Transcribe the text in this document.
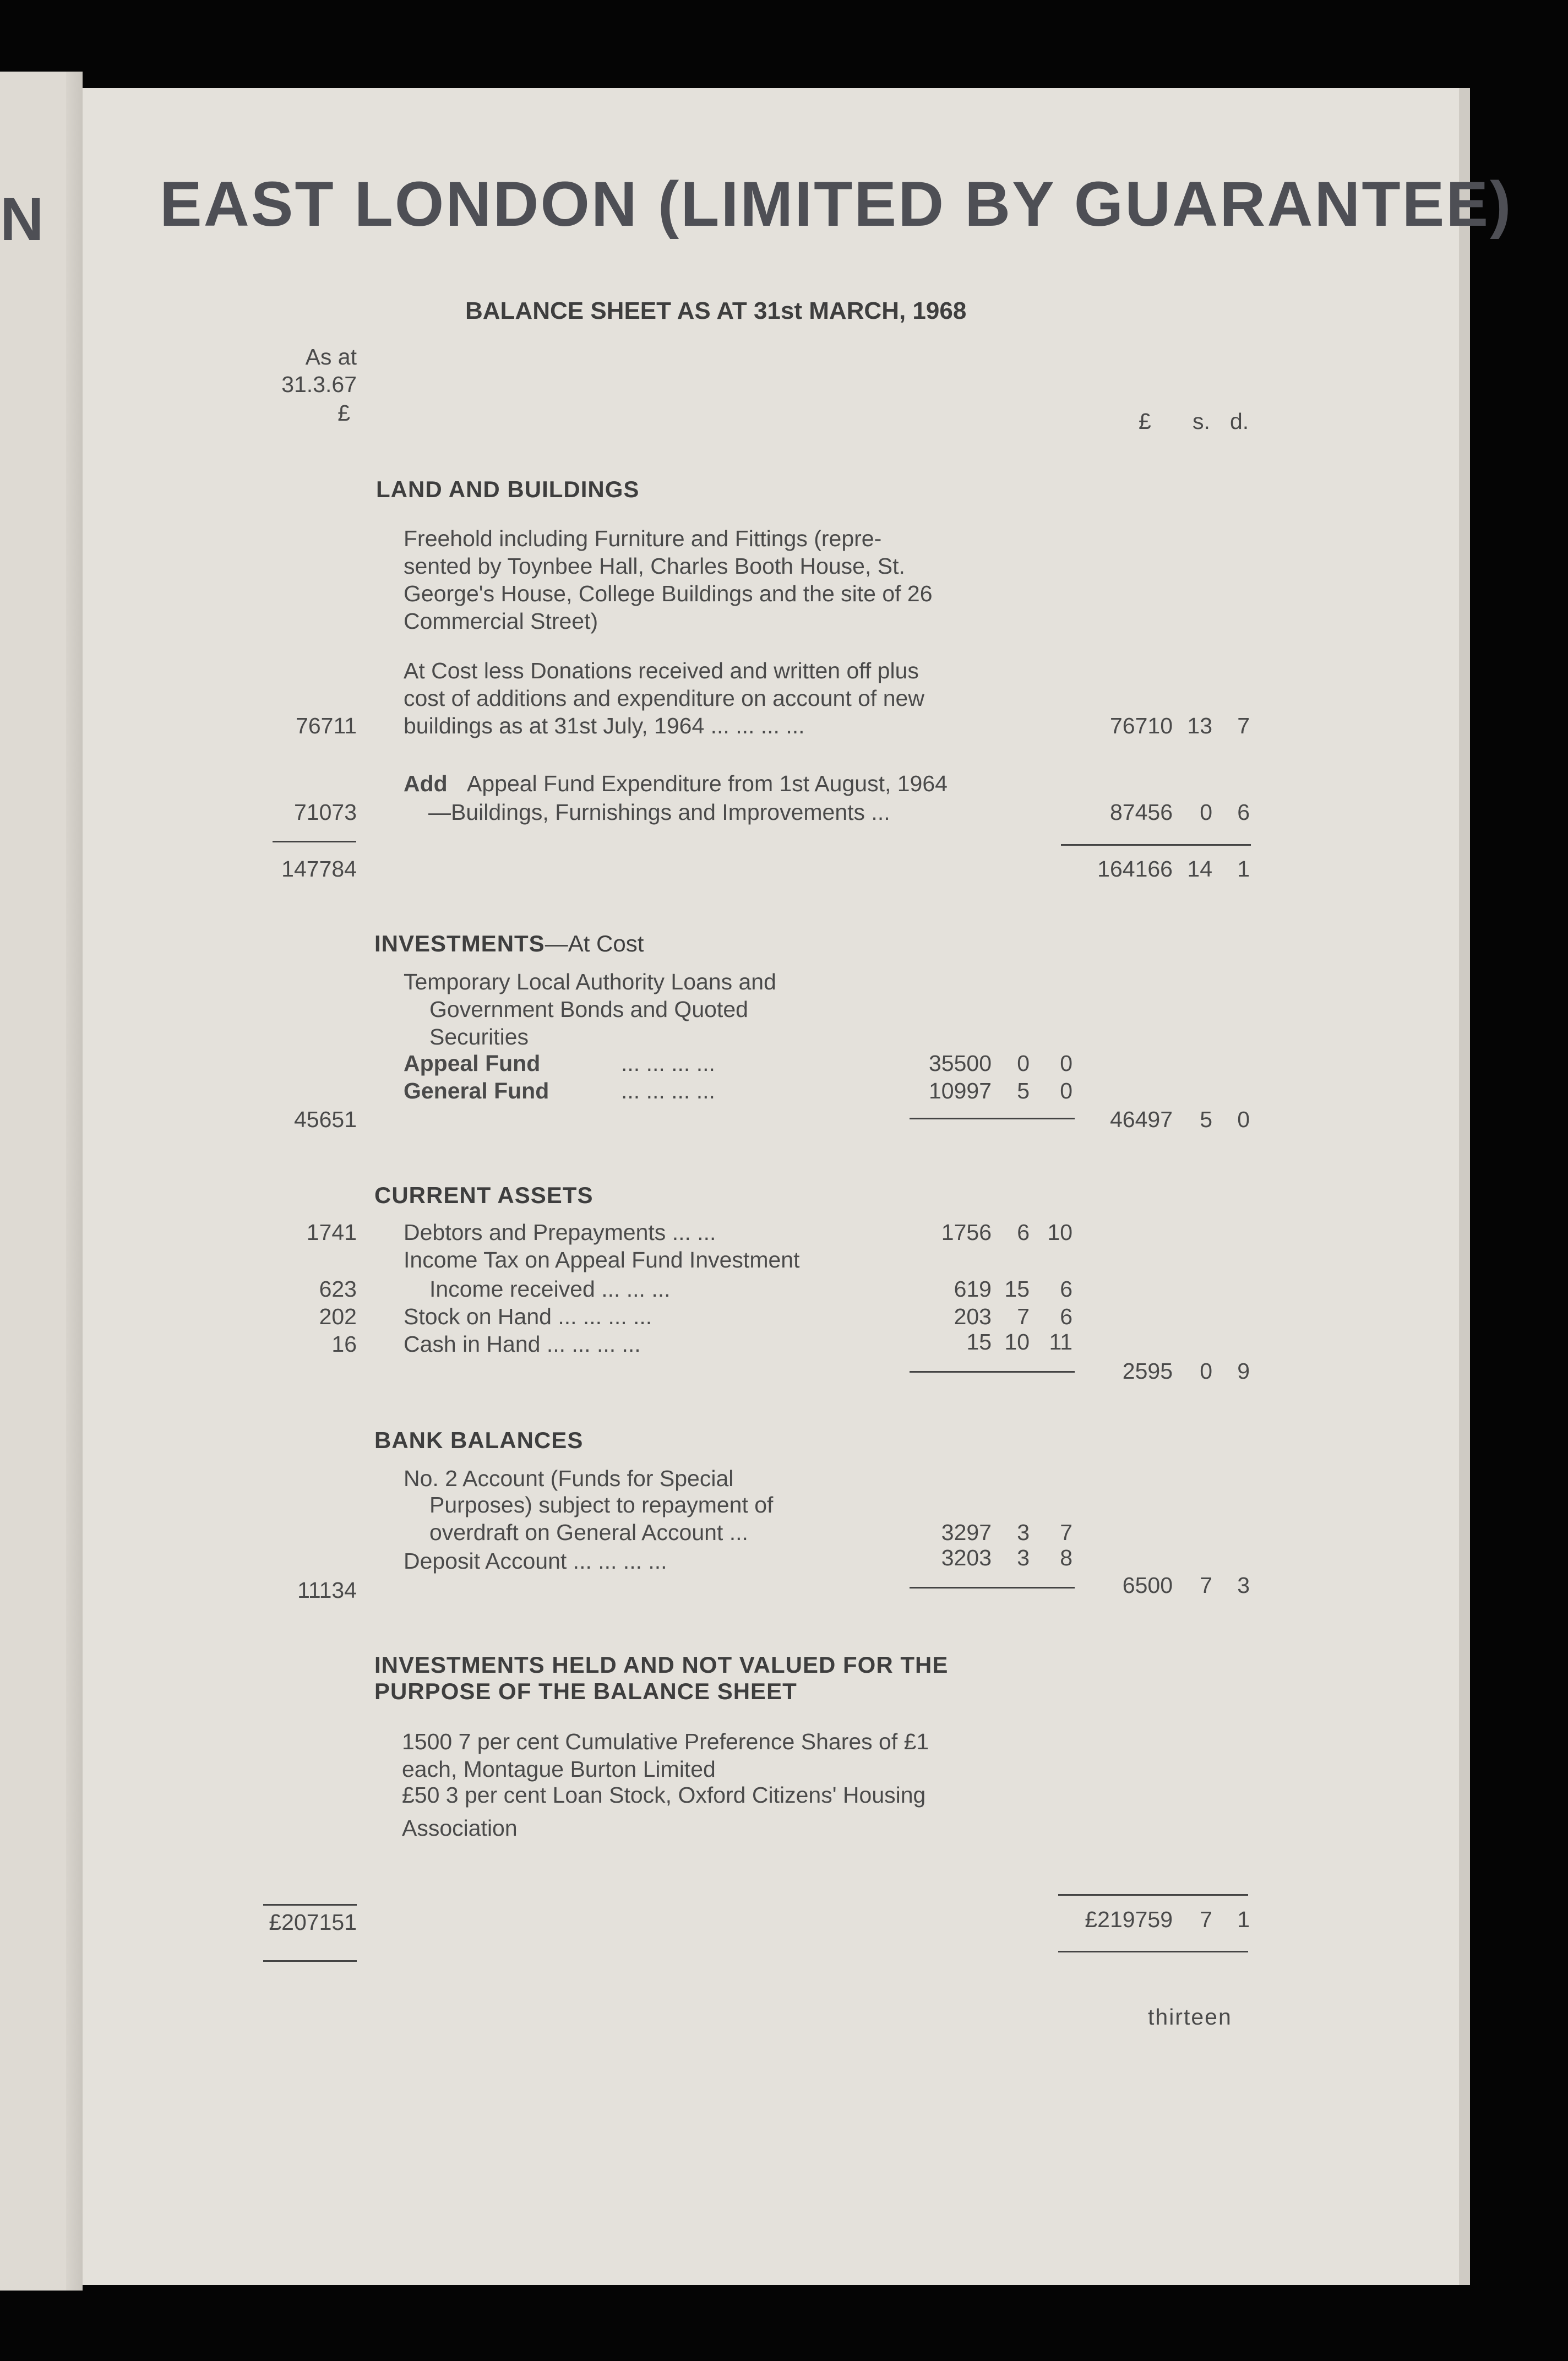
N EAST LONDON (LIMITED BY GUARANTEE)
BALANCE SHEET AS AT 31st MARCH, 1968
As at
31.3.67
£	£ s. d.
LAND AND BUILDINGS
Freehold including Furniture and Fittings (repre-
sented by Toynbee Hall, Charles Booth House, St.
George's House, College Buildings and the site of 26
Commercial Street)
At Cost less Donations received and written off plus
cost of additions and expenditure on account of new
buildings as at 31st July, 1964 ... ... ... ...
76711	76710 13 7
Add Appeal Fund Expenditure from 1st August, 1964
—Buildings, Furnishings and Improvements ...
71073	87456 0 6
147784	164166 14 1
INVESTMENTS—At Cost
Temporary Local Authority Loans and
Government Bonds and Quoted
Securities
Appeal Fund	... ... ... ...	35500 0 0
General Fund	... ... ... ...	10997 5 0
45651	46497 5 0
CURRENT ASSETS
1741 Debtors and Prepayments ... ...	1756 6 10
Income Tax on Appeal Fund Investment
623	Income received ... ... ...	619 15 6
202 Stock on Hand ... ... ... ...	203 7 6
16 Cash in Hand ... ... ... ...	15 10 11
2595 0 9
BANK BALANCES
No. 2 Account (Funds for Special
Purposes) subject to repayment of
overdraft on General Account ...	3297 3 7
Deposit Account ... ... ... ...	3203 3 8
11134	6500 7 3
INVESTMENTS HELD AND NOT VALUED FOR THE
PURPOSE OF THE BALANCE SHEET
1500 7 per cent Cumulative Preference Shares of £1
each, Montague Burton Limited
£50 3 per cent Loan Stock, Oxford Citizens' Housing
Association
£207151	£219759 7 1
thirteen
